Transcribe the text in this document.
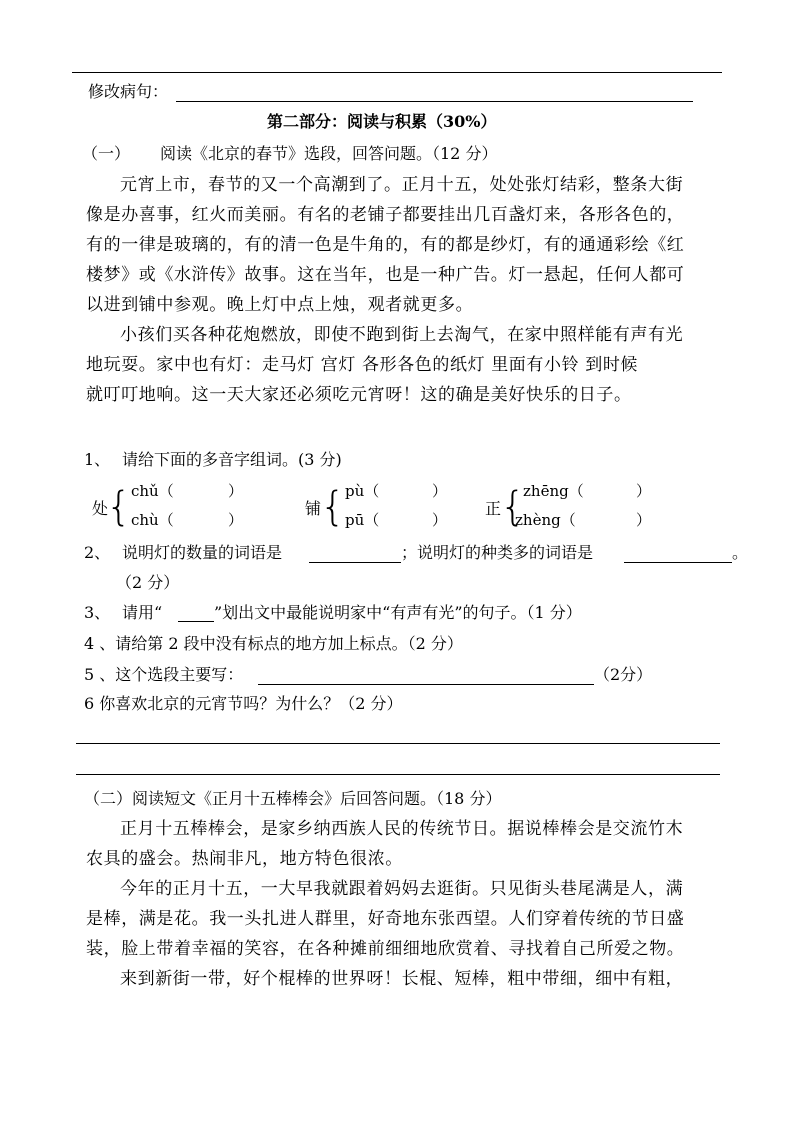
修改病句：
第二部分：阅读与积累（30%）
（一） 阅读《北京的春节》选段，回答问题。（12 分）
元宵上市，春节的又一个高潮到了。正月十五，处处张灯结彩，整条大街
像是办喜事，红火而美丽。有名的老铺子都要挂出几百盏灯来，各形各色的，
有的一律是玻璃的，有的清一色是牛角的，有的都是纱灯，有的通通彩绘《红
楼梦》或《水浒传》故事。这在当年，也是一种广告。灯一悬起，任何人都可
以进到铺中参观。晚上灯中点上烛，观者就更多。
小孩们买各种花炮燃放，即使不跑到街上去淘气，在家中照样能有声有光
地玩耍。家中也有灯：走马灯 宫灯 各形各色的纸灯 里面有小铃 到时候
就叮叮地响。这一天大家还必须吃元宵呀！这的确是美好快乐的日子。
1、 请给下面的多音字组词。(3 分)
处
{ chǔ（	）
chù（	）
铺
{ pù（	）
pū（	）
正
{
zhēng（	）
zhèng（	）
2、 说明灯的数量的词语是	；说明灯的种类多的词语是	。
（2 分）
3、 请用“	”划出文中最能说明家中“有声有光”的句子。（1 分）
4 、请给第 2 段中没有标点的地方加上标点。（2 分）
5 、这个选段主要写：	（2分）
6 你喜欢北京的元宵节吗？为什么？（2 分）
（二）阅读短文《正月十五棒棒会》后回答问题。（18 分）
正月十五棒棒会，是家乡纳西族人民的传统节日。据说棒棒会是交流竹木
农具的盛会。热闹非凡，地方特色很浓。
今年的正月十五，一大早我就跟着妈妈去逛街。只见街头巷尾满是人，满
是棒，满是花。我一头扎进人群里，好奇地东张西望。人们穿着传统的节日盛
装，脸上带着幸福的笑容，在各种摊前细细地欣赏着、寻找着自己所爱之物。
来到新街一带，好个棍棒的世界呀！长棍、短棒，粗中带细，细中有粗，
